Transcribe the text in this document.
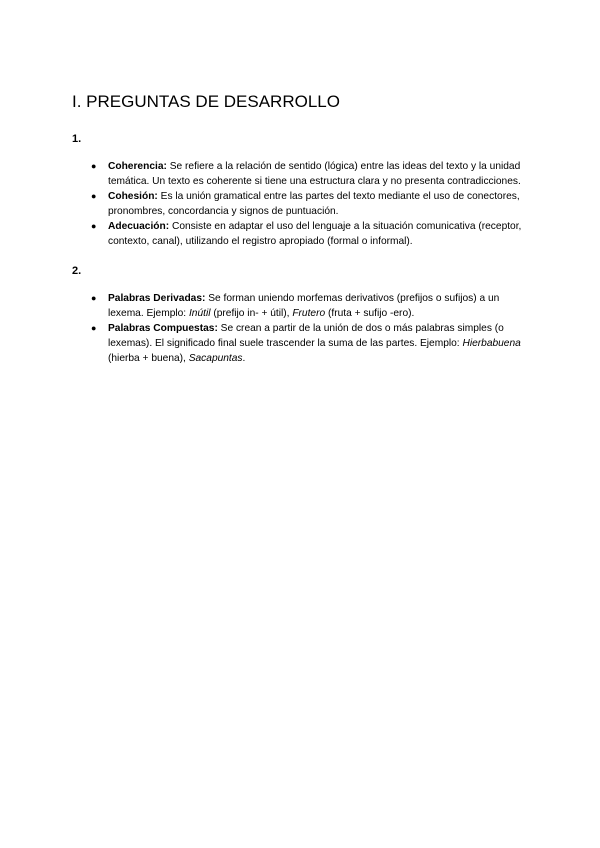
I. PREGUNTAS DE DESARROLLO
1.
● Coherencia: Se refiere a la relación de sentido (lógica) entre las ideas del texto y la unidad temática. Un texto es coherente si tiene una estructura clara y no presenta contradicciones.
● Cohesión: Es la unión gramatical entre las partes del texto mediante el uso de conectores, pronombres, concordancia y signos de puntuación.
● Adecuación: Consiste en adaptar el uso del lenguaje a la situación comunicativa (receptor, contexto, canal), utilizando el registro apropiado (formal o informal).
2.
● Palabras Derivadas: Se forman uniendo morfemas derivativos (prefijos o sufijos) a un lexema. Ejemplo: Inútil (prefijo in- + útil), Frutero (fruta + sufijo -ero).
● Palabras Compuestas: Se crean a partir de la unión de dos o más palabras simples (o lexemas). El significado final suele trascender la suma de las partes. Ejemplo: Hierbabuena (hierba + buena), Sacapuntas.
